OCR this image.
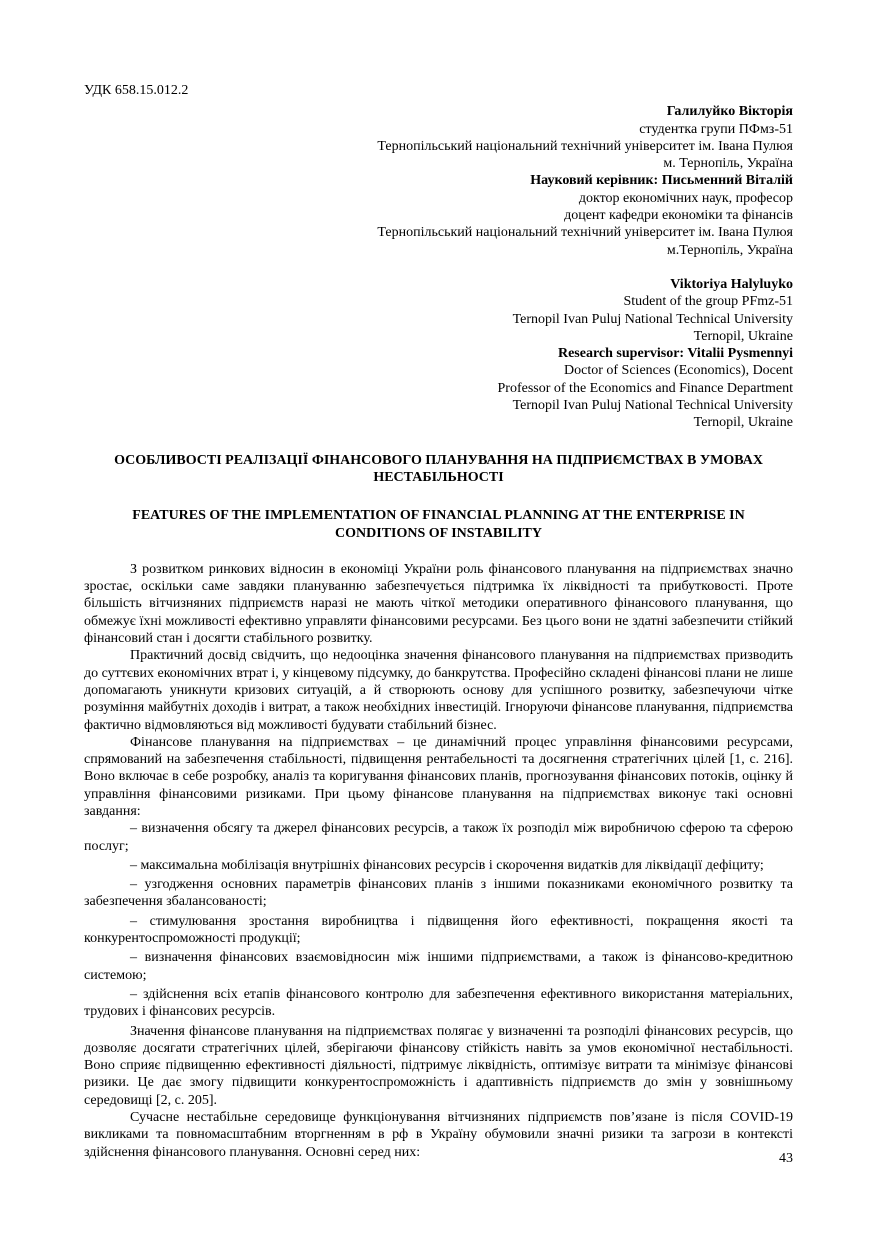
УДК 658.15.012.2
Галилуйко Вікторія
студентка групи ПФмз-51
Тернопільський національний технічний університет ім. Івана Пулюя
м. Тернопіль, Україна
Науковий керівник: Письменний Віталій
доктор економічних наук, професор
доцент кафедри економіки та фінансів
Тернопільський національний технічний університет ім. Івана Пулюя
м.Тернопіль, Україна
Viktoriya Halyluyko
Student of the group PFmz-51
Ternopil Ivan Puluj National Technical University
Ternopil, Ukraine
Research supervisor: Vitalii Pysmennyi
Doctor of Sciences (Economics), Docent
Professor of the Economics and Finance Department
Ternopil Ivan Puluj National Technical University
Ternopil, Ukraine
ОСОБЛИВОСТІ РЕАЛІЗАЦІЇ ФІНАНСОВОГО ПЛАНУВАННЯ НА ПІДПРИЄМСТВАХ В УМОВАХ
НЕСТАБІЛЬНОСТІ
FEATURES OF THE IMPLEMENTATION OF FINANCIAL PLANNING AT THE ENTERPRISE IN
CONDITIONS OF INSTABILITY

З розвитком ринкових відносин в економіці України роль фінансового планування на підприємствах значно зростає, оскільки саме завдяки плануванню забезпечується підтримка їх ліквідності та прибутковості. Проте більшість вітчизняних підприємств наразі не мають чіткої методики оперативного фінансового планування, що обмежує їхні можливості ефективно управляти фінансовими ресурсами. Без цього вони не здатні забезпечити стійкий фінансовий стан і досягти стабільного розвитку.

Практичний досвід свідчить, що недооцінка значення фінансового планування на підприємствах призводить до суттєвих економічних втрат і, у кінцевому підсумку, до банкрутства. Професійно складені фінансові плани не лише допомагають уникнути кризових ситуацій, а й створюють основу для успішного розвитку, забезпечуючи чітке розуміння майбутніх доходів і витрат, а також необхідних інвестицій. Ігноруючи фінансове планування, підприємства фактично відмовляються від можливості будувати стабільний бізнес.

Фінансове планування на підприємствах – це динамічний процес управління фінансовими ресурсами, спрямований на забезпечення стабільності, підвищення рентабельності та досягнення стратегічних цілей [1, с. 216]. Воно включає в себе розробку, аналіз та коригування фінансових планів, прогнозування фінансових потоків, оцінку й управління фінансовими ризиками. При цьому фінансове планування на підприємствах виконує такі основні завдання:

– визначення обсягу та джерел фінансових ресурсів, а також їх розподіл між виробничою сферою та сферою послуг;

– максимальна мобілізація внутрішніх фінансових ресурсів і скорочення видатків для ліквідації дефіциту;

– узгодження основних параметрів фінансових планів з іншими показниками економічного розвитку та забезпечення збалансованості;

– стимулювання зростання виробництва і підвищення його ефективності, покращення якості та конкурентоспроможності продукції;

– визначення фінансових взаємовідносин між іншими підприємствами, а також із фінансово-кредитною системою;

– здійснення всіх етапів фінансового контролю для забезпечення ефективного використання матеріальних, трудових і фінансових ресурсів.

Значення фінансове планування на підприємствах полягає у визначенні та розподілі фінансових ресурсів, що дозволяє досягати стратегічних цілей, зберігаючи фінансову стійкість навіть за умов економічної нестабільності. Воно сприяє підвищенню ефективності діяльності, підтримує ліквідність, оптимізує витрати та мінімізує фінансові ризики. Це дає змогу підвищити конкурентоспроможність і адаптивність підприємств до змін у зовнішньому середовищі [2, с. 205].

Сучасне нестабільне середовище функціонування вітчизняних підприємств пов’язане із після COVID-19 викликами та повномасштабним вторгненням в рф в Україну обумовили значні ризики та загрози в контексті здійснення фінансового планування. Основні серед них:	43
